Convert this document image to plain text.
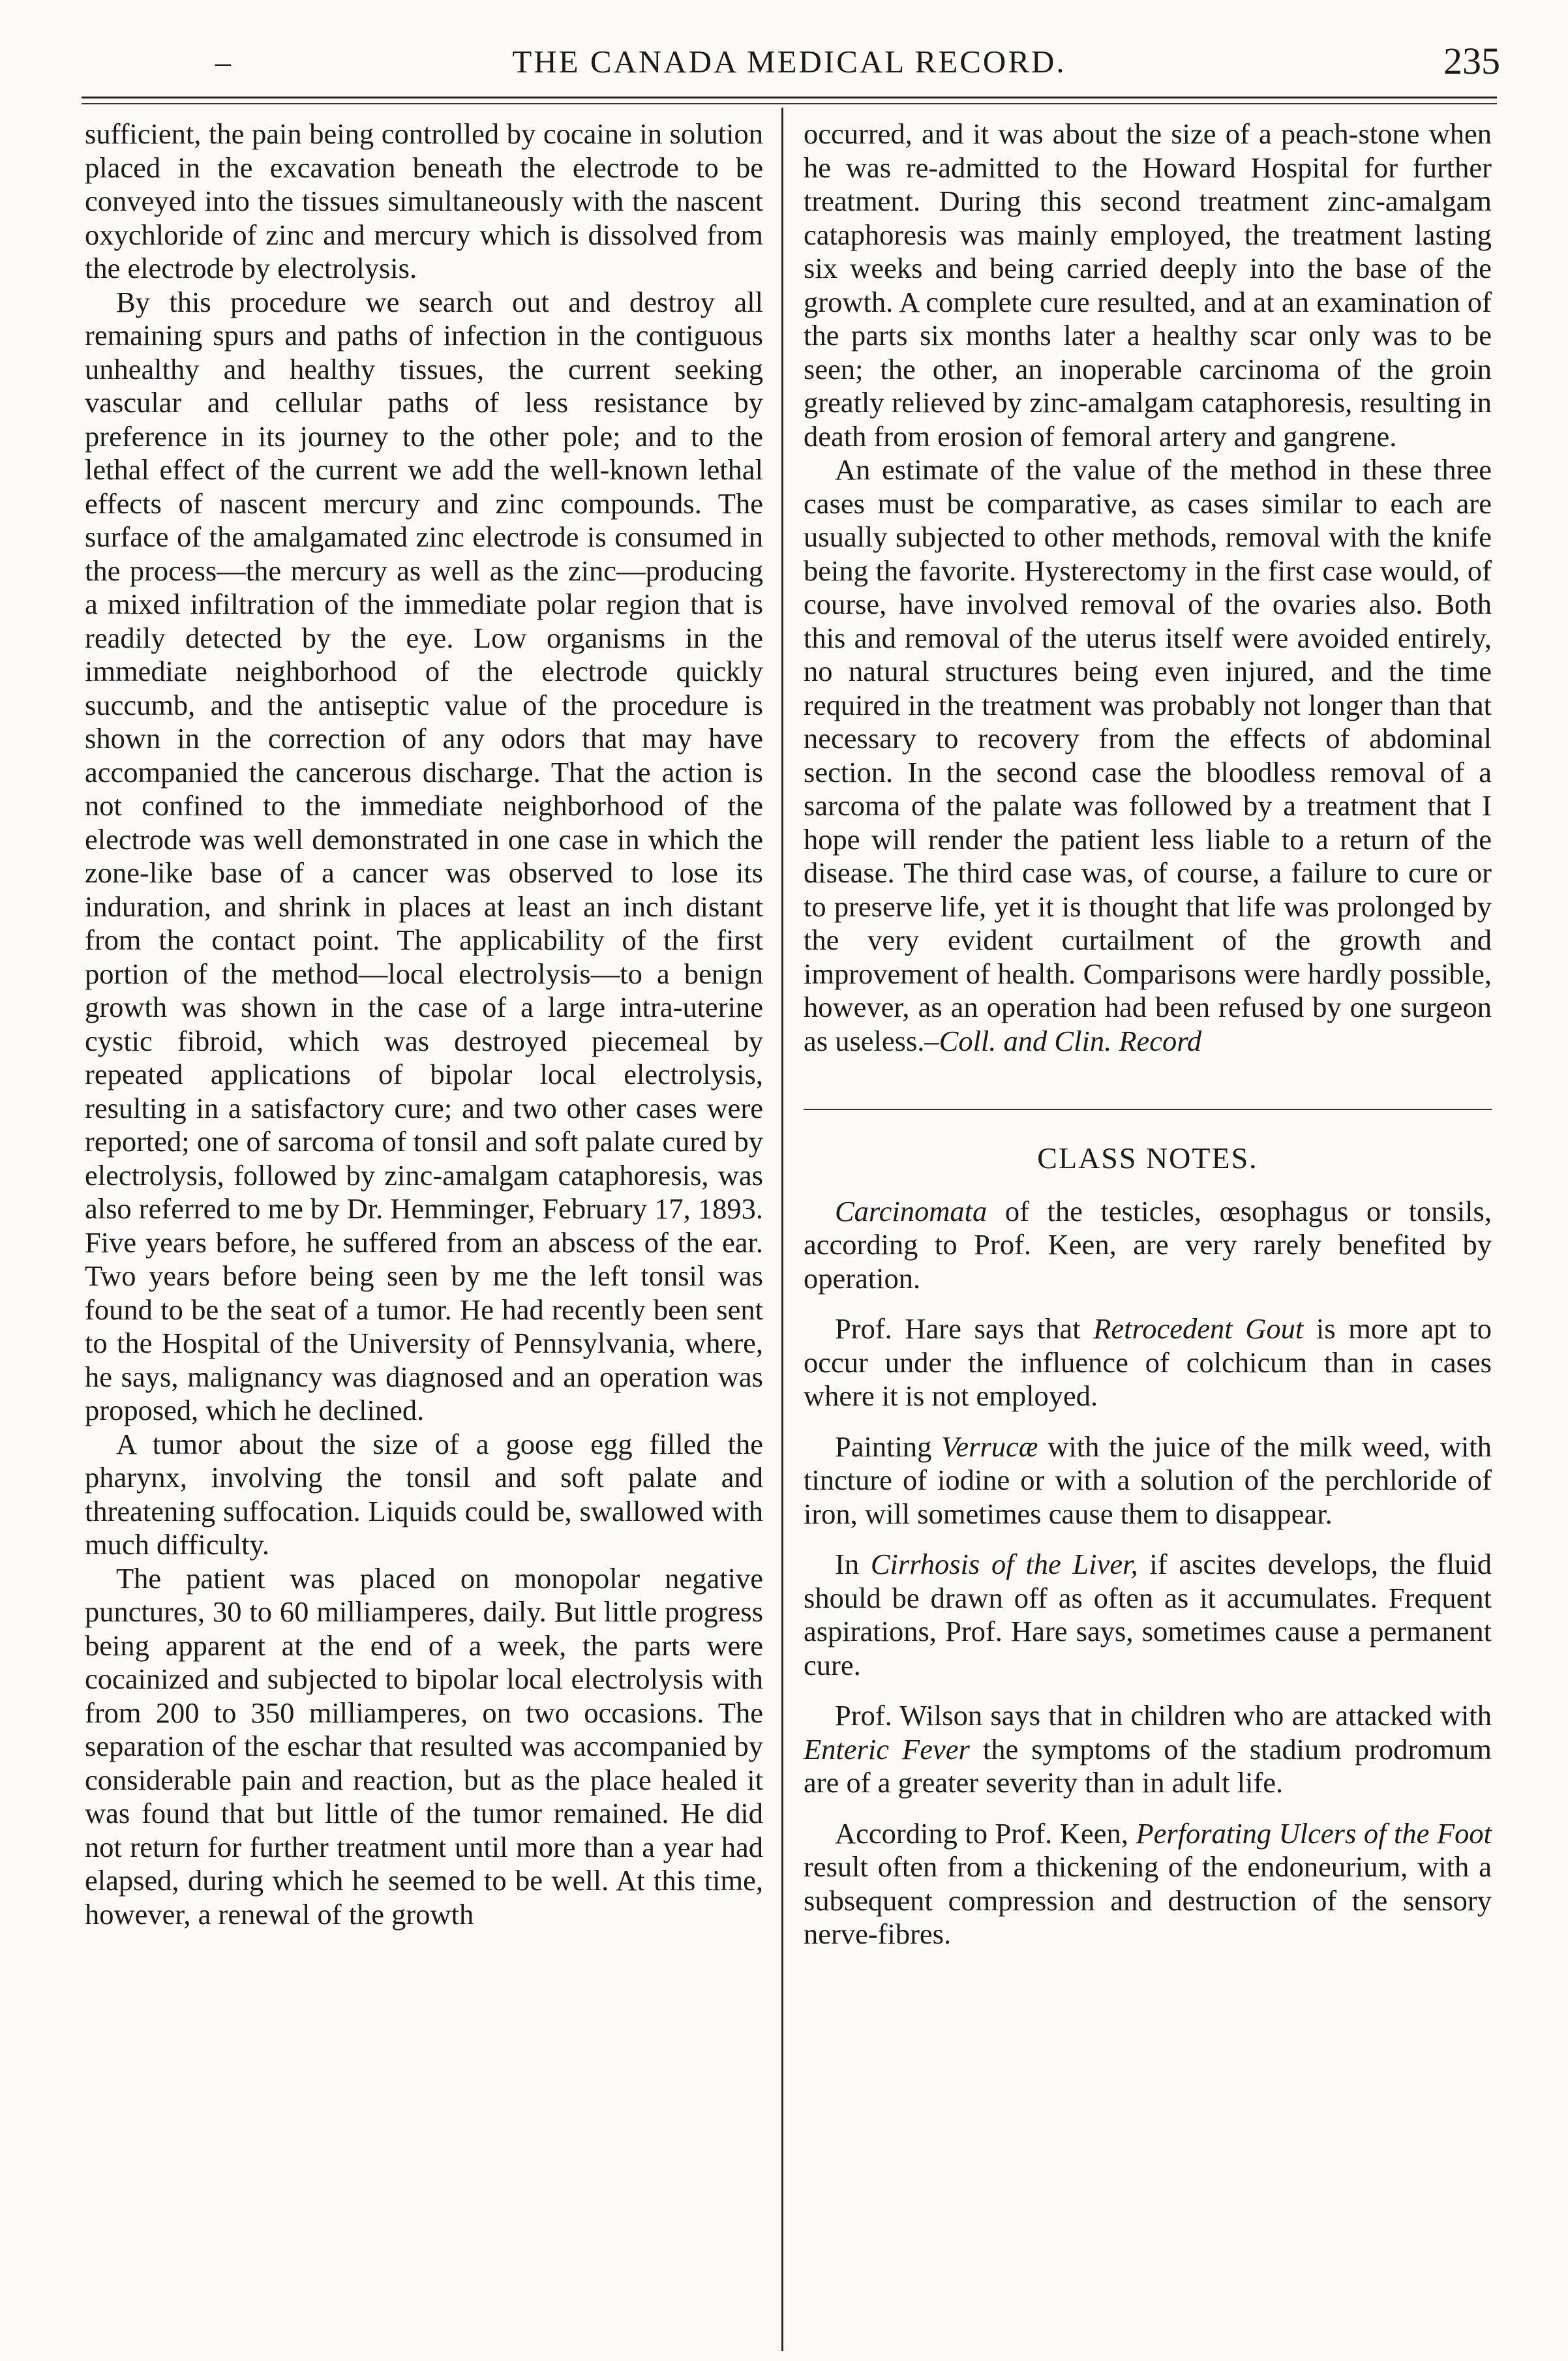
–	THE CANADA MEDICAL RECORD.	235

sufficient, the pain being controlled by cocaine in solution placed in the excavation beneath the electrode to be conveyed into the tissues simultaneously with the nascent oxychloride of zinc and mercury which is dissolved from the electrode by electrolysis.

By this procedure we search out and destroy all remaining spurs and paths of infection in the contiguous unhealthy and healthy tissues, the current seeking vascular and cellular paths of less resistance by preference in its journey to the other pole; and to the lethal effect of the current we add the well-known lethal effects of nascent mercury and zinc compounds. The surface of the amalgamated zinc electrode is consumed in the process—the mercury as well as the zinc—producing a mixed infiltration of the immediate polar region that is readily detected by the eye. Low organisms in the immediate neighborhood of the electrode quickly succumb, and the antiseptic value of the procedure is shown in the correction of any odors that may have accompanied the cancerous discharge. That the action is not confined to the immediate neighborhood of the electrode was well demonstrated in one case in which the zone-like base of a cancer was observed to lose its induration, and shrink in places at least an inch distant from the contact point. The applicability of the first portion of the method—local electrolysis—to a benign growth was shown in the case of a large intra-uterine cystic fibroid, which was destroyed piecemeal by repeated applications of bipolar local electrolysis, resulting in a satisfactory cure; and two other cases were reported; one of sarcoma of tonsil and soft palate cured by electrolysis, followed by zinc-amalgam cataphoresis, was also referred to me by Dr. Hemminger, February 17, 1893. Five years before, he suffered from an abscess of the ear. Two years before being seen by me the left tonsil was found to be the seat of a tumor. He had recently been sent to the Hospital of the University of Pennsylvania, where, he says, malignancy was diagnosed and an operation was proposed, which he declined.

A tumor about the size of a goose egg filled the pharynx, involving the tonsil and soft palate and threatening suffocation. Liquids could be, swallowed with much difficulty.

The patient was placed on monopolar negative punctures, 30 to 60 milliamperes, daily. But little progress being apparent at the end of a week, the parts were cocainized and subjected to bipolar local electrolysis with from 200 to 350 milliamperes, on two occasions. The separation of the eschar that resulted was accompanied by considerable pain and reaction, but as the place healed it was found that but little of the tumor remained. He did not return for further treatment until more than a year had elapsed, during which he seemed to be well. At this time, however, a renewal of the growth

occurred, and it was about the size of a peach-stone when he was re-admitted to the Howard Hospital for further treatment. During this second treatment zinc-amalgam cataphoresis was mainly employed, the treatment lasting six weeks and being carried deeply into the base of the growth. A complete cure resulted, and at an examination of the parts six months later a healthy scar only was to be seen; the other, an inoperable carcinoma of the groin greatly relieved by zinc-amalgam cataphoresis, resulting in death from erosion of femoral artery and gangrene.

An estimate of the value of the method in these three cases must be comparative, as cases similar to each are usually subjected to other methods, removal with the knife being the favorite. Hysterectomy in the first case would, of course, have involved removal of the ovaries also. Both this and removal of the uterus itself were avoided entirely, no natural structures being even injured, and the time required in the treatment was probably not longer than that necessary to recovery from the effects of abdominal section. In the second case the bloodless removal of a sarcoma of the palate was followed by a treatment that I hope will render the patient less liable to a return of the disease. The third case was, of course, a failure to cure or to preserve life, yet it is thought that life was prolonged by the very evident curtailment of the growth and improvement of health. Comparisons were hardly possible, however, as an operation had been refused by one surgeon as useless.–Coll. and Clin. Record

CLASS NOTES.

Carcinomata of the testicles, œsophagus or tonsils, according to Prof. Keen, are very rarely benefited by operation.

Prof. Hare says that Retrocedent Gout is more apt to occur under the influence of colchicum than in cases where it is not employed.

Painting Verrucæ with the juice of the milk weed, with tincture of iodine or with a solution of the perchloride of iron, will sometimes cause them to disappear.

In Cirrhosis of the Liver, if ascites develops, the fluid should be drawn off as often as it accumulates. Frequent aspirations, Prof. Hare says, sometimes cause a permanent cure.

Prof. Wilson says that in children who are attacked with Enteric Fever the symptoms of the stadium prodromum are of a greater severity than in adult life.

According to Prof. Keen, Perforating Ulcers of the Foot result often from a thickening of the endoneurium, with a subsequent compression and destruction of the sensory nerve-fibres.
